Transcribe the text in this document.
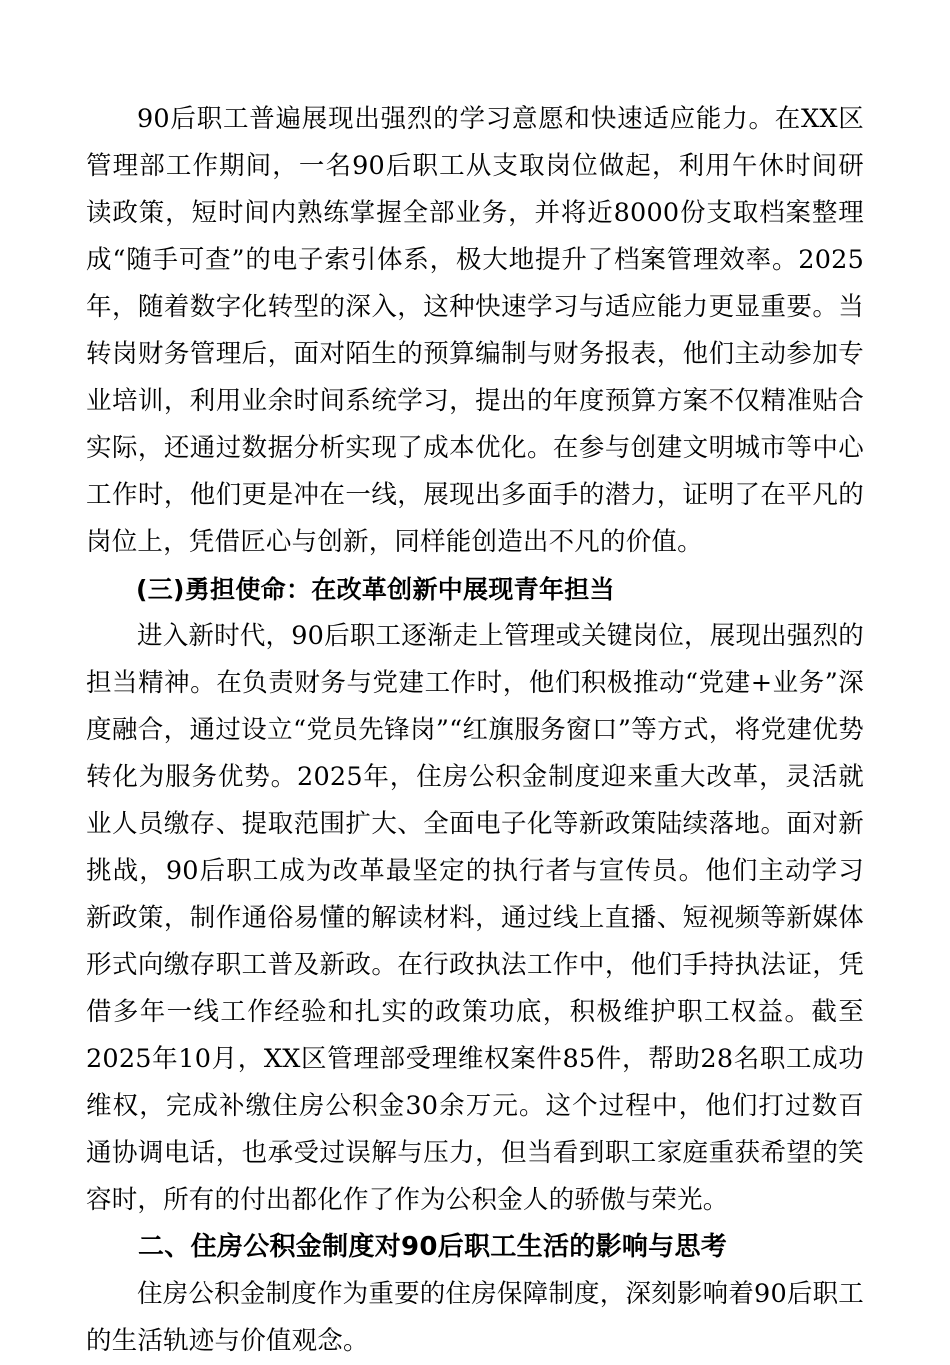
90后职工普遍展现出强烈的学习意愿和快速适应能力。在XX区管理部工作期间，一名90后职工从支取岗位做起，利用午休时间研读政策，短时间内熟练掌握全部业务，并将近8000份支取档案整理成“随手可查”的电子索引体系，极大地提升了档案管理效率。2025年，随着数字化转型的深入，这种快速学习与适应能力更显重要。当转岗财务管理后，面对陌生的预算编制与财务报表，他们主动参加专业培训，利用业余时间系统学习，提出的年度预算方案不仅精准贴合实际，还通过数据分析实现了成本优化。在参与创建文明城市等中心工作时，他们更是冲在一线，展现出多面手的潜力，证明了在平凡的岗位上，凭借匠心与创新，同样能创造出不凡的价值。

(三)勇担使命：在改革创新中展现青年担当

进入新时代，90后职工逐渐走上管理或关键岗位，展现出强烈的担当精神。在负责财务与党建工作时，他们积极推动“党建+业务”深度融合，通过设立“党员先锋岗”“红旗服务窗口”等方式，将党建优势转化为服务优势。2025年，住房公积金制度迎来重大改革，灵活就业人员缴存、提取范围扩大、全面电子化等新政策陆续落地。面对新挑战，90后职工成为改革最坚定的执行者与宣传员。他们主动学习新政策，制作通俗易懂的解读材料，通过线上直播、短视频等新媒体形式向缴存职工普及新政。在行政执法工作中，他们手持执法证，凭借多年一线工作经验和扎实的政策功底，积极维护职工权益。截至2025年10月，XX区管理部受理维权案件85件，帮助28名职工成功维权，完成补缴住房公积金30余万元。这个过程中，他们打过数百通协调电话，也承受过误解与压力，但当看到职工家庭重获希望的笑容时，所有的付出都化作了作为公积金人的骄傲与荣光。

二、住房公积金制度对90后职工生活的影响与思考

住房公积金制度作为重要的住房保障制度，深刻影响着90后职工的生活轨迹与价值观念。
